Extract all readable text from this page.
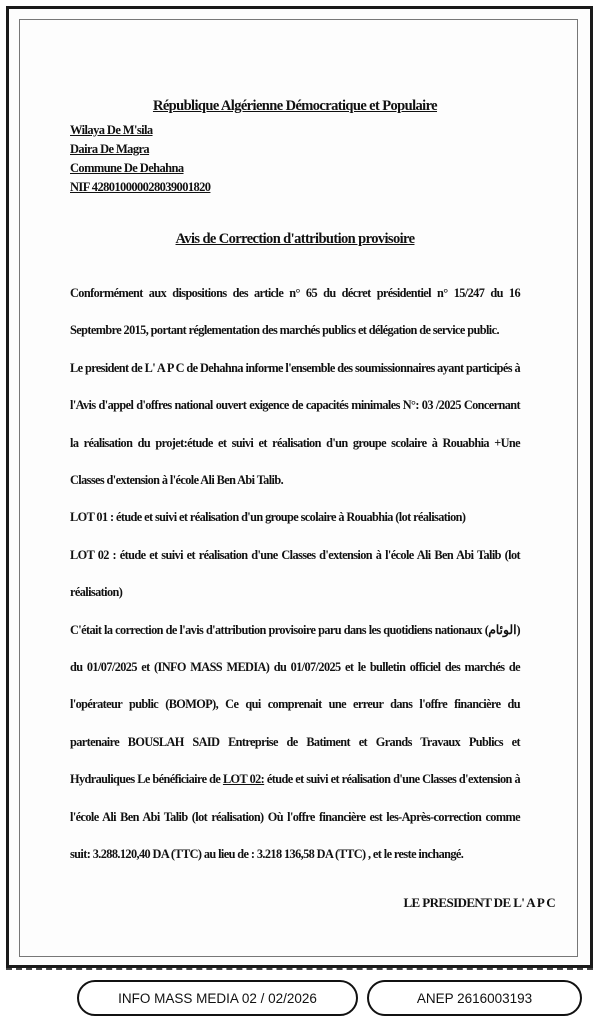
République Algérienne Démocratique et Populaire
Wilaya De M'sila
Daira De Magra
Commune De Dehahna
NIF 428010000028039001820
Avis de Correction d'attribution provisoire

Conformément aux dispositions des article n° 65 du décret présidentiel n° 15/247 du 16 Septembre 2015, portant réglementation des marchés publics et délégation de service public.

Le president de L' A P C de Dehahna informe l'ensemble des soumissionnaires ayant participés à l'Avis d'appel d'offres national ouvert exigence de capacités minimales N°: 03 /2025 Concernant la réalisation du projet:étude et suivi et réalisation d'un groupe scolaire à Rouabhia +Une Classes d'extension à l'école Ali Ben Abi Talib.

LOT 01 : étude et suivi et réalisation d'un groupe scolaire à Rouabhia (lot réalisation)

LOT 02 : étude et suivi et réalisation d'une Classes d'extension à l'école Ali Ben Abi Talib (lot réalisation)

C'était la correction de l'avis d'attribution provisoire paru dans les quotidiens nationaux (الوئام) du 01/07/2025 et (INFO MASS MEDIA) du 01/07/2025 et le bulletin officiel des marchés de l'opérateur public (BOMOP), Ce qui comprenait une erreur dans l'offre financière du partenaire BOUSLAH SAID Entreprise de Batiment et Grands Travaux Publics et Hydrauliques Le bénéficiaire de LOT 02: étude et suivi et réalisation d'une Classes d'extension à l'école Ali Ben Abi Talib (lot réalisation) Où l'offre financière est les-Après-correction comme suit: 3.288.120,40 DA (TTC) au lieu de : 3.218 136,58 DA (TTC) , et le reste inchangé.

LE PRESIDENT DE L' A P C
INFO MASS MEDIA 02 / 02/2026	ANEP 2616003193
